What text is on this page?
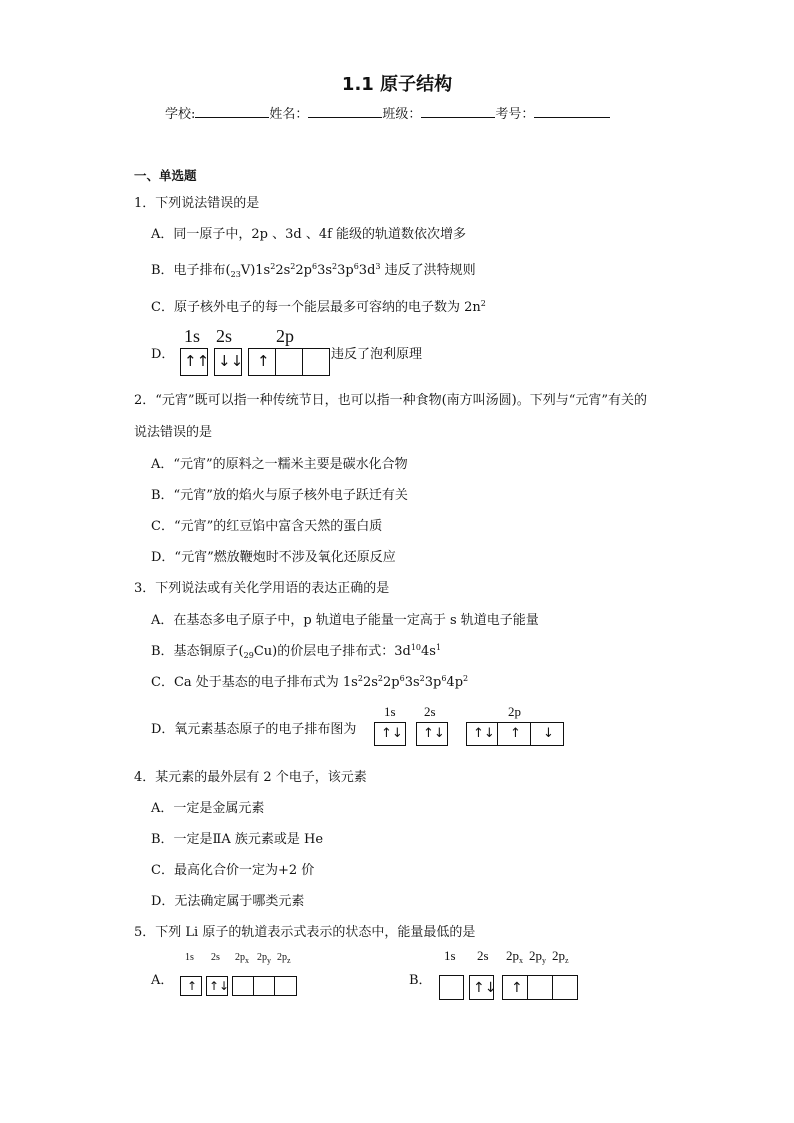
1.1 原子结构
学校:	姓名：	班级：	考号：
一、单选题
1．下列说法错误的是
A．同一原子中，2p 、3d 、4f 能级的轨道数依次增多
B．电子排布$(_{23}V)1s^22s^22p^63s^23p^63d^3$ 违反了洪特规则
C．原子核外电子的每一个能层最多可容纳的电子数为 $2n^2$
D．
1s 2s 2p
↑↑ ↓↓ ↑	违反了泡利原理
2．“元宵”既可以指一种传统节日，也可以指一种食物(南方叫汤圆)。下列与“元宵”有关的
说法错误的是
A．“元宵”的原料之一糯米主要是碳水化合物
B．“元宵”放的焰火与原子核外电子跃迁有关
C．“元宵”的红豆馅中富含天然的蛋白质
D．“元宵”燃放鞭炮时不涉及氧化还原反应
3．下列说法或有关化学用语的表达正确的是
A．在基态多电子原子中，p 轨道电子能量一定高于 s 轨道电子能量
B．基态铜原子$(_{29}Cu)$的价层电子排布式：$3d^{10}4s^1$
C．Ca 处于基态的电子排布式为 $1s^22s^22p^63s^23p^64p^2$
D．氧元素基态原子的电子排布图为
1s 2s	2p
↑↓ ↑↓ ↑↓ ↑ ↓
4．某元素的最外层有 2 个电子，该元素
A．一定是金属元素
B．一定是ⅡA 族元素或是 He
C．最高化合价一定为+2 价
D．无法确定属于哪类元素
5．下列 Li 原子的轨道表示式表示的状态中，能量最低的是
A．
1s 2s $2p_x$ $2p_y$ $2p_z$
↑ ↑↓	B．
1s 2s $2p_x$ $2p_y$ $2p_z$
↑↓ ↑
